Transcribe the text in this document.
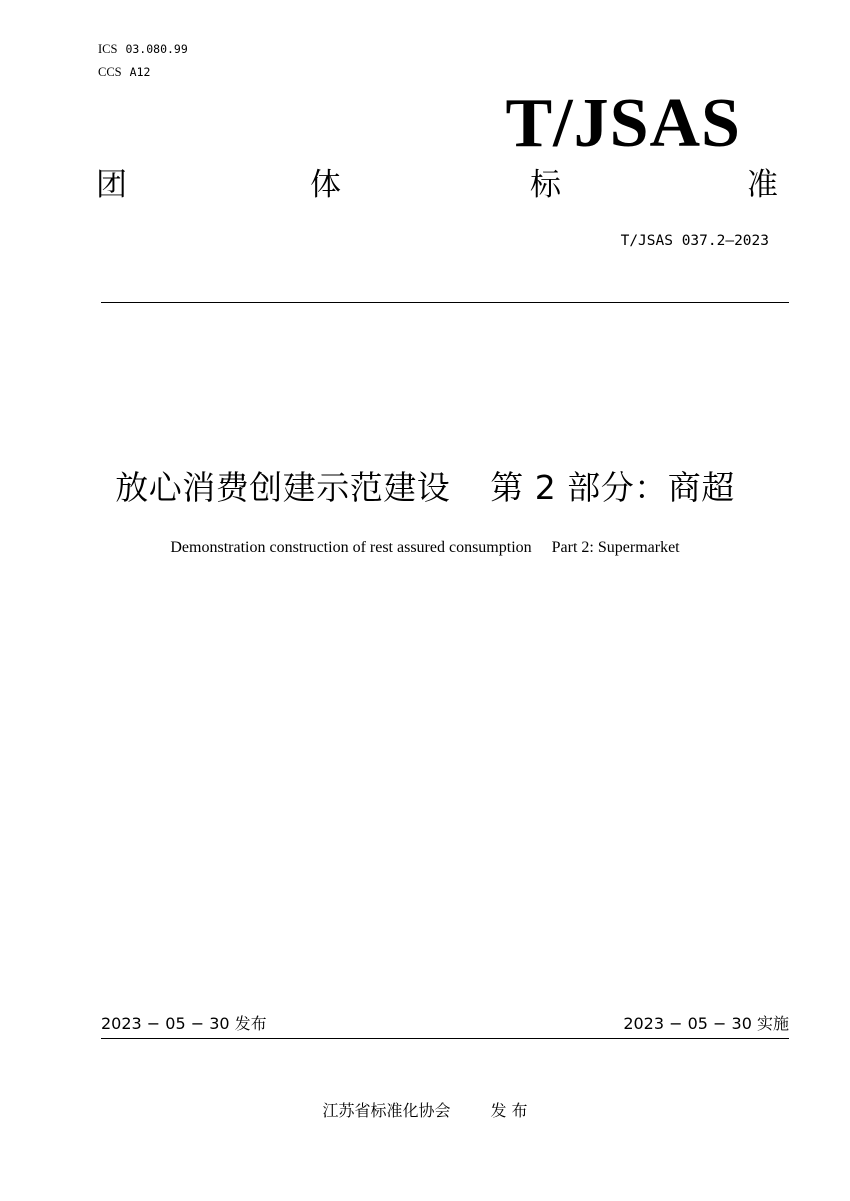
ICS 03.080.99
CCS A12
T/JSAS
团	体	标	准
T/JSAS 037.2—2023
放心消费创建示范建设 第 2 部分：商超
Demonstration construction of rest assured consumption Part 2: Supermarket
2023 − 05 − 30 发布	2023 − 05 − 30 实施
江苏省标准化协会	发 布
